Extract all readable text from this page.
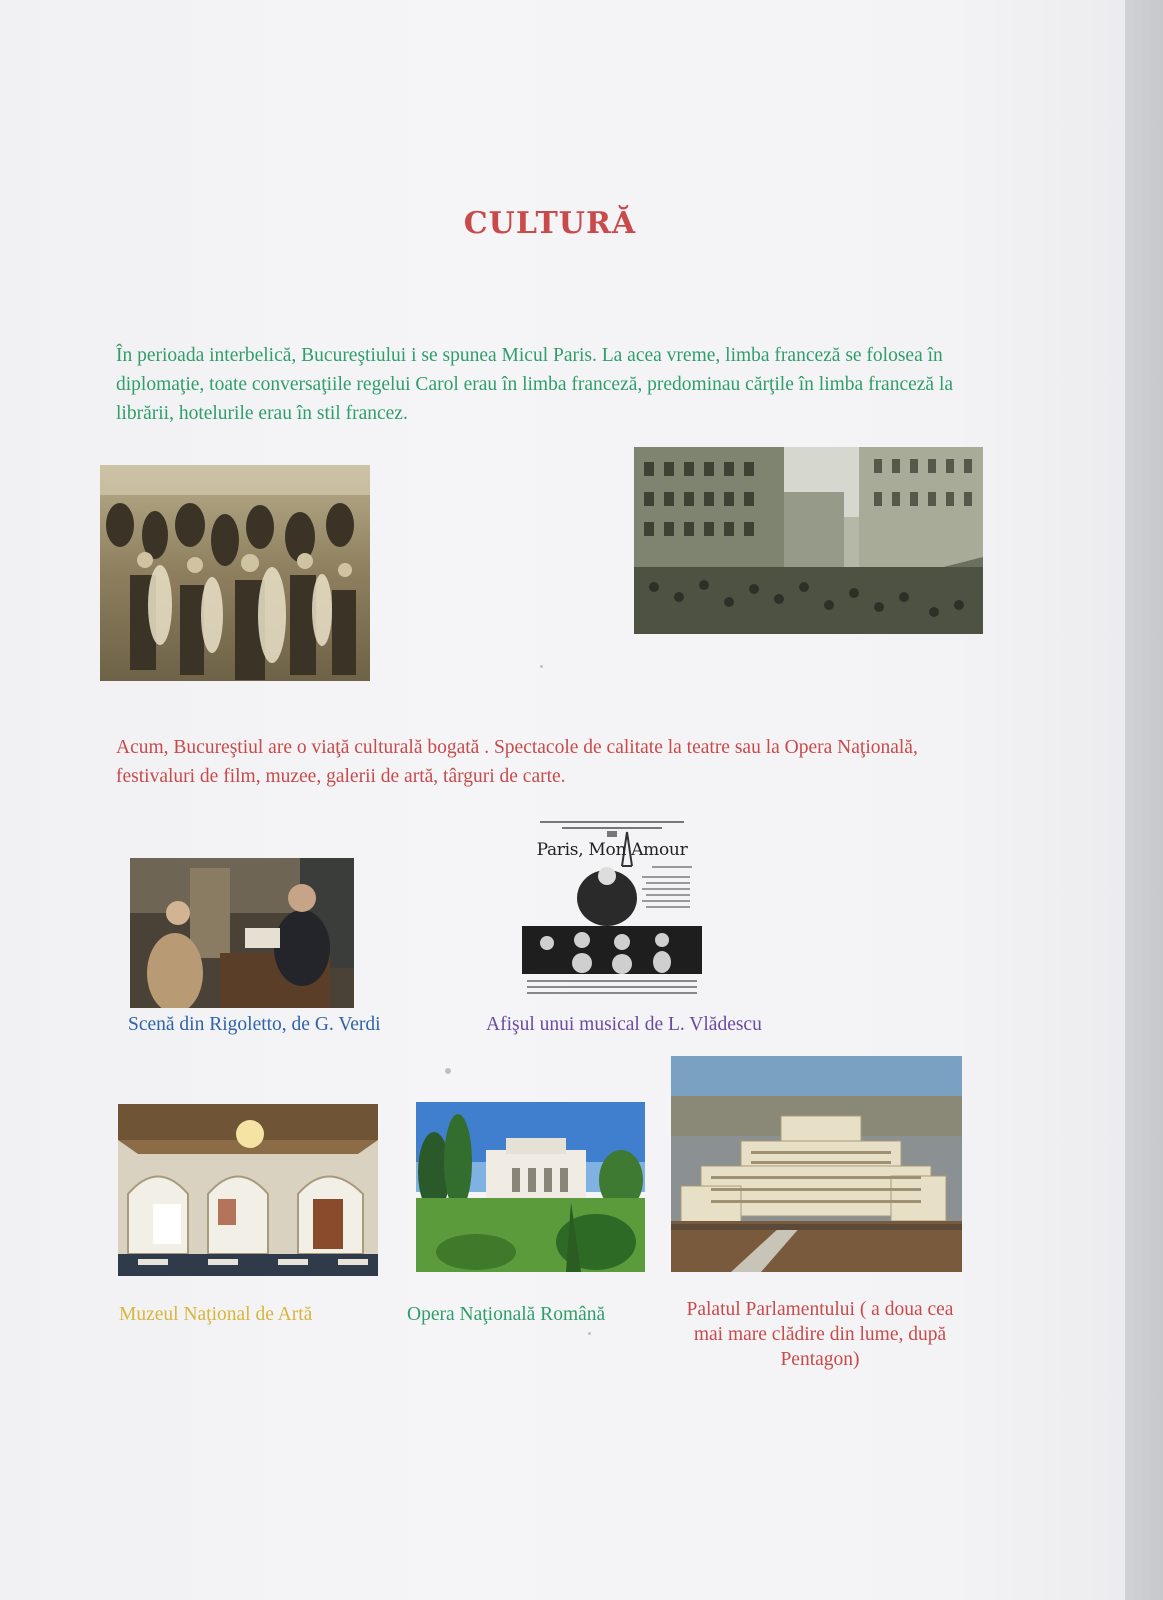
CULTURĂ
În perioada interbelică, Bucureştiului i se spunea Micul Paris. La acea vreme, limba franceză se folosea în diplomaţie, toate conversaţiile regelui Carol erau în limba franceză, predominau cărţile în limba franceză la librării, hotelurile erau în stil francez.
Acum, Bucureştiul are o viaţă culturală bogată . Spectacole de calitate la teatre sau la Opera Naţională, festivaluri de film, muzee, galerii de artă, târguri de carte.
Paris, Mon Amour
Scenă din Rigoletto, de G. Verdi	Afişul unui musical de L. Vlădescu
Muzeul Naţional de Artă	Opera Naţională Română	Palatul Parlamentului ( a doua cea
mai mare clădire din lume, după
Pentagon)
